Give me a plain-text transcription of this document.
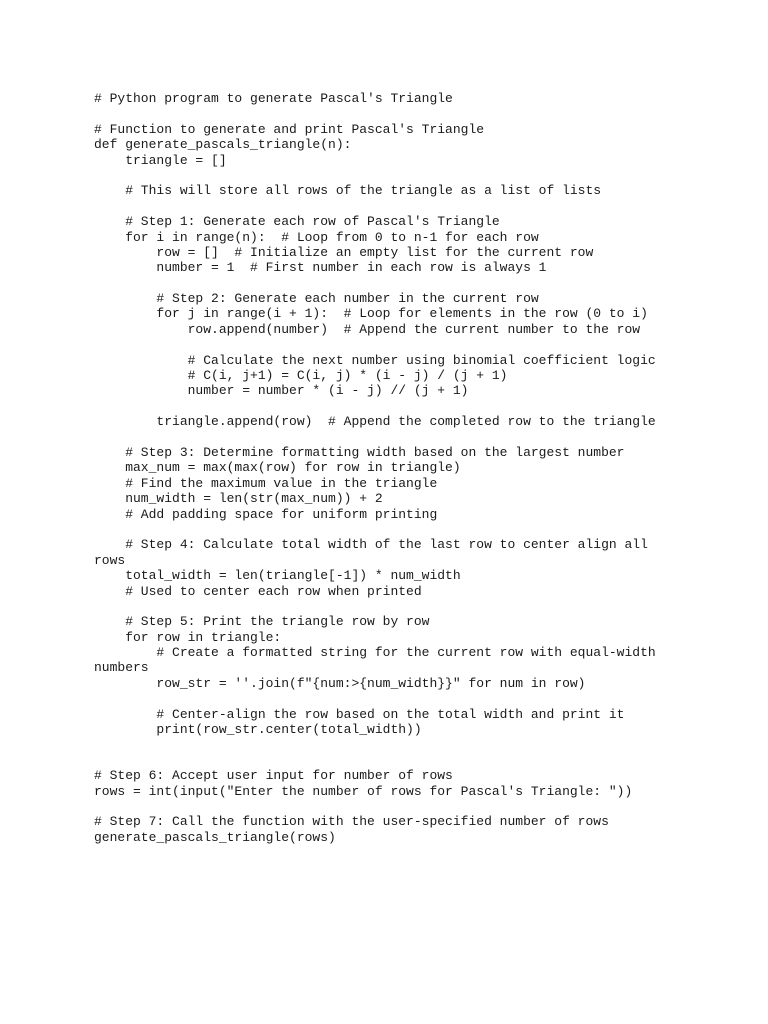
# Python program to generate Pascal's Triangle
# Function to generate and print Pascal's Triangle
def generate_pascals_triangle(n):
triangle = []
# This will store all rows of the triangle as a list of lists
# Step 1: Generate each row of Pascal's Triangle
for i in range(n):  # Loop from 0 to n-1 for each row
row = []  # Initialize an empty list for the current row
number = 1  # First number in each row is always 1
# Step 2: Generate each number in the current row
for j in range(i + 1):  # Loop for elements in the row (0 to i)
row.append(number)  # Append the current number to the row
# Calculate the next number using binomial coefficient logic
# C(i, j+1) = C(i, j) * (i - j) / (j + 1)
number = number * (i - j) // (j + 1)
triangle.append(row)  # Append the completed row to the triangle
# Step 3: Determine formatting width based on the largest number
max_num = max(max(row) for row in triangle)
# Find the maximum value in the triangle
num_width = len(str(max_num)) + 2
# Add padding space for uniform printing
# Step 4: Calculate total width of the last row to center align all
rows
total_width = len(triangle[-1]) * num_width
# Used to center each row when printed
# Step 5: Print the triangle row by row
for row in triangle:
# Create a formatted string for the current row with equal-width
numbers
row_str = ''.join(f"{num:>{num_width}}" for num in row)
# Center-align the row based on the total width and print it
print(row_str.center(total_width))
# Step 6: Accept user input for number of rows
rows = int(input("Enter the number of rows for Pascal's Triangle: "))
# Step 7: Call the function with the user-specified number of rows
generate_pascals_triangle(rows)
